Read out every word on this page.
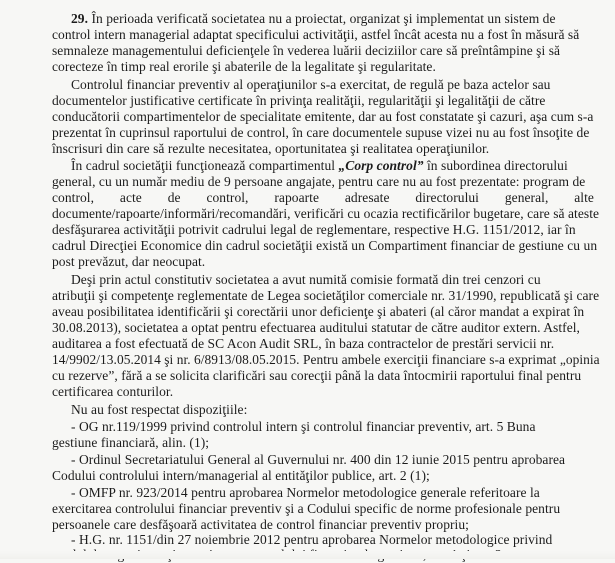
29. În perioada verificată societatea nu a proiectat, organizat şi implementat un sistem de
control intern managerial adaptat specificului activităţii, astfel încât acesta nu a fost în măsură să
semnaleze managementului deficienţele în vederea luării deciziilor care să preîntâmpine şi să
corecteze în timp real erorile şi abaterile de la legalitate şi regularitate.
Controlul financiar preventiv al operaţiunilor s-a exercitat, de regulă pe baza actelor sau
documentelor justificative certificate în privinţa realităţii, regularităţii şi legalităţii de către
conducătorii compartimentelor de specialitate emitente, dar au fost constatate şi cazuri, aşa cum s-a
prezentat în cuprinsul raportului de control, în care documentele supuse vizei nu au fost însoţite de
înscrisuri din care să rezulte necesitatea, oportunitatea şi realitatea operaţiunilor.
În cadrul societăţii funcţionează compartimentul „Corp control” în subordinea directorului
general, cu un număr mediu de 9 persoane angajate, pentru care nu au fost prezentate: program de
control, acte de control, rapoarte adresate directorului general, alte
documente/rapoarte/informări/recomandări, verificări cu ocazia rectificărilor bugetare, care să ateste
desfăşurarea activităţii potrivit cadrului legal de reglementare, respective H.G. 1151/2012, iar în
cadrul Direcţiei Economice din cadrul societăţii există un Compartiment financiar de gestiune cu un
post prevăzut, dar neocupat.
Deşi prin actul constitutiv societatea a avut numită comisie formată din trei cenzori cu
atribuţii şi competenţe reglementate de Legea societăţilor comerciale nr. 31/1990, republicată şi care
aveau posibilitatea identificării şi corectării unor deficienţe şi abateri (al căror mandat a expirat în
30.08.2013), societatea a optat pentru efectuarea auditului statutar de către auditor extern. Astfel,
auditarea a fost efectuată de SC Acon Audit SRL, în baza contractelor de prestări servicii nr.
14/9902/13.05.2014 şi nr. 6/8913/08.05.2015. Pentru ambele exerciţii financiare s-a exprimat „opinia
cu rezerve”, fără a se solicita clarificări sau corecţii până la data întocmirii raportului final pentru
certificarea conturilor.
Nu au fost respectat dispoziţiile:
- OG nr.119/1999 privind controlul intern şi controlul financiar preventiv, art. 5 Buna
gestiune financiară, alin. (1);
- Ordinul Secretariatului General al Guvernului nr. 400 din 12 iunie 2015 pentru aprobarea
Codului controlului intern/managerial al entităţilor publice, art. 2 (1);
- OMFP nr. 923/2014 pentru aprobarea Normelor metodologice generale referitoare la
exercitarea controlului financiar preventiv şi a Codului specific de norme profesionale pentru
persoanele care desfăşoară activitatea de control financiar preventiv propriu;
- H.G. nr. 1151/din 27 noiembrie 2012 pentru aprobarea Normelor metodologice privind
